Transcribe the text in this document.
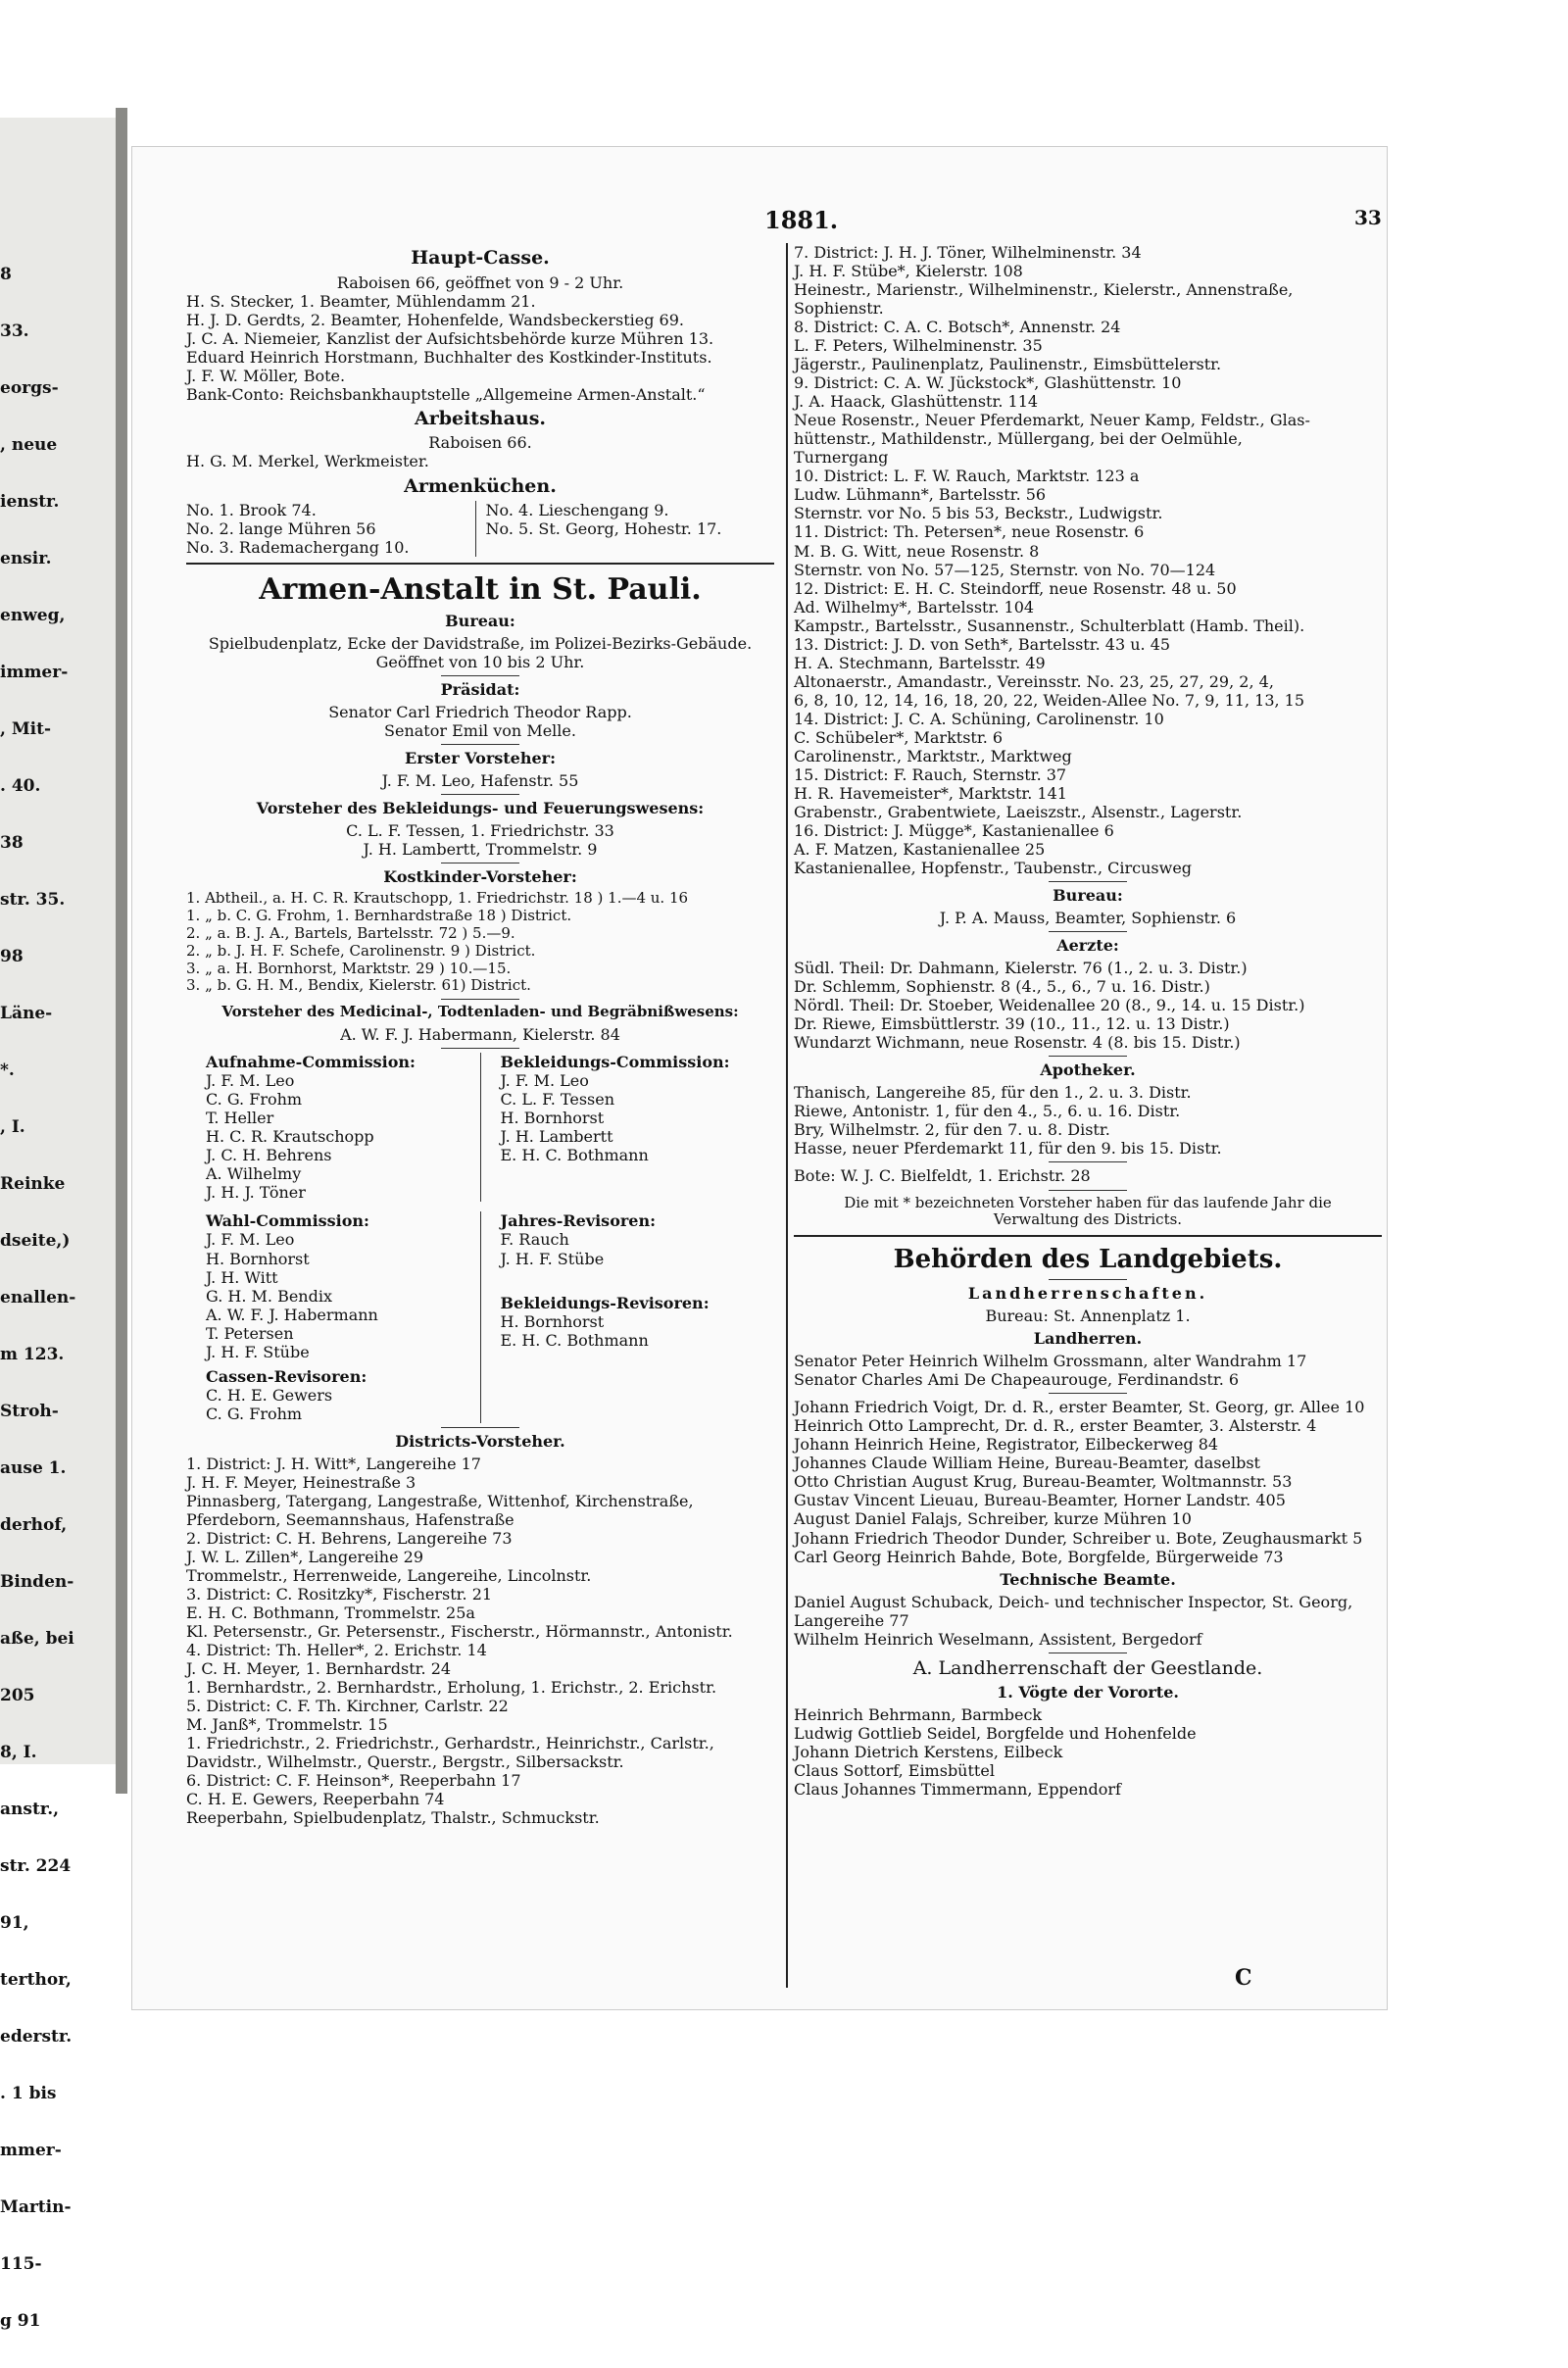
8
33.
eorgs-
, neue
ienstr.
ensir.
enweg,
immer-
, Mit-
. 40.
38
str. 35.
98
Läne-
*.
, I.
Reinke
dseite,)
enallen-
m 123.
Stroh-
ause 1.
derhof,
Binden-
aße, bei
205
8, I.
anstr.,
str. 224
91,
terthor,
ederstr.
. 1 bis
mmer-
Martin-
115-
g 91
1881.	33
Haupt-Casse.
Raboisen 66, geöffnet von 9 - 2 Uhr.
H. S. Stecker, 1. Beamter, Mühlendamm 21.
H. J. D. Gerdts, 2. Beamter, Hohenfelde, Wandsbeckerstieg 69.
J. C. A. Niemeier, Kanzlist der Aufsichtsbehörde kurze Mühren 13.
Eduard Heinrich Horstmann, Buchhalter des Kostkinder-Instituts.
J. F. W. Möller, Bote.
Bank-Conto: Reichsbankhauptstelle „Allgemeine Armen-Anstalt.“
Arbeitshaus.
Raboisen 66.
H. G. M. Merkel, Werkmeister.
Armenküchen.
No. 1. Brook 74.
No. 2. lange Mühren 56
No. 3. Rademachergang 10.
No. 4. Lieschengang 9.
No. 5. St. Georg, Hohestr. 17.
Armen-Anstalt in St. Pauli.
Bureau:
Spielbudenplatz, Ecke der Davidstraße, im Polizei-Bezirks-Gebäude.
Geöffnet von 10 bis 2 Uhr.
Präsidat:
Senator Carl Friedrich Theodor Rapp.
Senator Emil von Melle.
Erster Vorsteher:
J. F. M. Leo, Hafenstr. 55
Vorsteher des Bekleidungs- und Feuerungswesens:
C. L. F. Tessen, 1. Friedrichstr. 33
J. H. Lambertt, Trommelstr. 9
Kostkinder-Vorsteher:
1. Abtheil., a. H. C. R. Krautschopp, 1. Friedrichstr. 18 ) 1.—4 u. 16
1. „ b. C. G. Frohm, 1. Bernhardstraße 18 ) District.
2. „ a. B. J. A., Bartels, Bartelsstr. 72 ) 5.—9.
2. „ b. J. H. F. Schefe, Carolinenstr. 9 ) District.
3. „ a. H. Bornhorst, Marktstr. 29 ) 10.—15.
3. „ b. G. H. M., Bendix, Kielerstr. 61) District.
Vorsteher des Medicinal-, Todtenladen- und Begräbnißwesens:
A. W. F. J. Habermann, Kielerstr. 84
Aufnahme-Commission:
J. F. M. Leo
C. G. Frohm
T. Heller
H. C. R. Krautschopp
J. C. H. Behrens
A. Wilhelmy
J. H. J. Töner
Bekleidungs-Commission:
J. F. M. Leo
C. L. F. Tessen
H. Bornhorst
J. H. Lambertt
E. H. C. Bothmann
Wahl-Commission:
J. F. M. Leo
H. Bornhorst
J. H. Witt
G. H. M. Bendix
A. W. F. J. Habermann
T. Petersen
J. H. F. Stübe
Cassen-Revisoren:
C. H. E. Gewers
C. G. Frohm
Jahres-Revisoren:
F. Rauch
J. H. F. Stübe
Bekleidungs-Revisoren:
H. Bornhorst
E. H. C. Bothmann
Districts-Vorsteher.
1. District: J. H. Witt*, Langereihe 17
J. H. F. Meyer, Heinestraße 3
Pinnasberg, Tatergang, Langestraße, Wittenhof, Kirchenstraße,
Pferdeborn, Seemannshaus, Hafenstraße
2. District: C. H. Behrens, Langereihe 73
J. W. L. Zillen*, Langereihe 29
Trommelstr., Herrenweide, Langereihe, Lincolnstr.
3. District: C. Rositzky*, Fischerstr. 21
E. H. C. Bothmann, Trommelstr. 25a
Kl. Petersenstr., Gr. Petersenstr., Fischerstr., Hörmannstr., Antonistr.
4. District: Th. Heller*, 2. Erichstr. 14
J. C. H. Meyer, 1. Bernhardstr. 24
1. Bernhardstr., 2. Bernhardstr., Erholung, 1. Erichstr., 2. Erichstr.
5. District: C. F. Th. Kirchner, Carlstr. 22
M. Janß*, Trommelstr. 15
1. Friedrichstr., 2. Friedrichstr., Gerhardstr., Heinrichstr., Carlstr.,
Davidstr., Wilhelmstr., Querstr., Bergstr., Silbersackstr.
6. District: C. F. Heinson*, Reeperbahn 17
C. H. E. Gewers, Reeperbahn 74
Reeperbahn, Spielbudenplatz, Thalstr., Schmuckstr.
7. District: J. H. J. Töner, Wilhelminenstr. 34
J. H. F. Stübe*, Kielerstr. 108
Heinestr., Marienstr., Wilhelminenstr., Kielerstr., Annenstraße,
Sophienstr.
8. District: C. A. C. Botsch*, Annenstr. 24
L. F. Peters, Wilhelminenstr. 35
Jägerstr., Paulinenplatz, Paulinenstr., Eimsbüttelerstr.
9. District: C. A. W. Jückstock*, Glashüttenstr. 10
J. A. Haack, Glashüttenstr. 114
Neue Rosenstr., Neuer Pferdemarkt, Neuer Kamp, Feldstr., Glas-
hüttenstr., Mathildenstr., Müllergang, bei der Oelmühle,
Turnergang
10. District: L. F. W. Rauch, Marktstr. 123 a
Ludw. Lühmann*, Bartelsstr. 56
Sternstr. vor No. 5 bis 53, Beckstr., Ludwigstr.
11. District: Th. Petersen*, neue Rosenstr. 6
M. B. G. Witt, neue Rosenstr. 8
Sternstr. von No. 57—125, Sternstr. von No. 70—124
12. District: E. H. C. Steindorff, neue Rosenstr. 48 u. 50
Ad. Wilhelmy*, Bartelsstr. 104
Kampstr., Bartelsstr., Susannenstr., Schulterblatt (Hamb. Theil).
13. District: J. D. von Seth*, Bartelsstr. 43 u. 45
H. A. Stechmann, Bartelsstr. 49
Altonaerstr., Amandastr., Vereinsstr. No. 23, 25, 27, 29, 2, 4,
6, 8, 10, 12, 14, 16, 18, 20, 22, Weiden-Allee No. 7, 9, 11, 13, 15
14. District: J. C. A. Schüning, Carolinenstr. 10
C. Schübeler*, Marktstr. 6
Carolinenstr., Marktstr., Marktweg
15. District: F. Rauch, Sternstr. 37
H. R. Havemeister*, Marktstr. 141
Grabenstr., Grabentwiete, Laeiszstr., Alsenstr., Lagerstr.
16. District: J. Mügge*, Kastanienallee 6
A. F. Matzen, Kastanienallee 25
Kastanienallee, Hopfenstr., Taubenstr., Circusweg
Bureau:
J. P. A. Mauss, Beamter, Sophienstr. 6
Aerzte:
Südl. Theil: Dr. Dahmann, Kielerstr. 76 (1., 2. u. 3. Distr.)
Dr. Schlemm, Sophienstr. 8 (4., 5., 6., 7 u. 16. Distr.)
Nördl. Theil: Dr. Stoeber, Weidenallee 20 (8., 9., 14. u. 15 Distr.)
Dr. Riewe, Eimsbüttlerstr. 39 (10., 11., 12. u. 13 Distr.)
Wundarzt Wichmann, neue Rosenstr. 4 (8. bis 15. Distr.)
Apotheker.
Thanisch, Langereihe 85, für den 1., 2. u. 3. Distr.
Riewe, Antonistr. 1, für den 4., 5., 6. u. 16. Distr.
Bry, Wilhelmstr. 2, für den 7. u. 8. Distr.
Hasse, neuer Pferdemarkt 11, für den 9. bis 15. Distr.
Bote: W. J. C. Bielfeldt, 1. Erichstr. 28
Die mit * bezeichneten Vorsteher haben für das laufende Jahr die
Verwaltung des Districts.
Behörden des Landgebiets.
Landherrenschaften.
Bureau: St. Annenplatz 1.
Landherren.
Senator Peter Heinrich Wilhelm Grossmann, alter Wandrahm 17
Senator Charles Ami De Chapeaurouge, Ferdinandstr. 6
Johann Friedrich Voigt, Dr. d. R., erster Beamter, St. Georg, gr. Allee 10
Heinrich Otto Lamprecht, Dr. d. R., erster Beamter, 3. Alsterstr. 4
Johann Heinrich Heine, Registrator, Eilbeckerweg 84
Johannes Claude William Heine, Bureau-Beamter, daselbst
Otto Christian August Krug, Bureau-Beamter, Woltmannstr. 53
Gustav Vincent Lieuau, Bureau-Beamter, Horner Landstr. 405
August Daniel Falajs, Schreiber, kurze Mühren 10
Johann Friedrich Theodor Dunder, Schreiber u. Bote, Zeughausmarkt 5
Carl Georg Heinrich Bahde, Bote, Borgfelde, Bürgerweide 73
Technische Beamte.
Daniel August Schuback, Deich- und technischer Inspector, St. Georg,
Langereihe 77
Wilhelm Heinrich Weselmann, Assistent, Bergedorf
A. Landherrenschaft der Geestlande.
1. Vögte der Vororte.
Heinrich Behrmann, Barmbeck
Ludwig Gottlieb Seidel, Borgfelde und Hohenfelde
Johann Dietrich Kerstens, Eilbeck
Claus Sottorf, Eimsbüttel
Claus Johannes Timmermann, Eppendorf
C
